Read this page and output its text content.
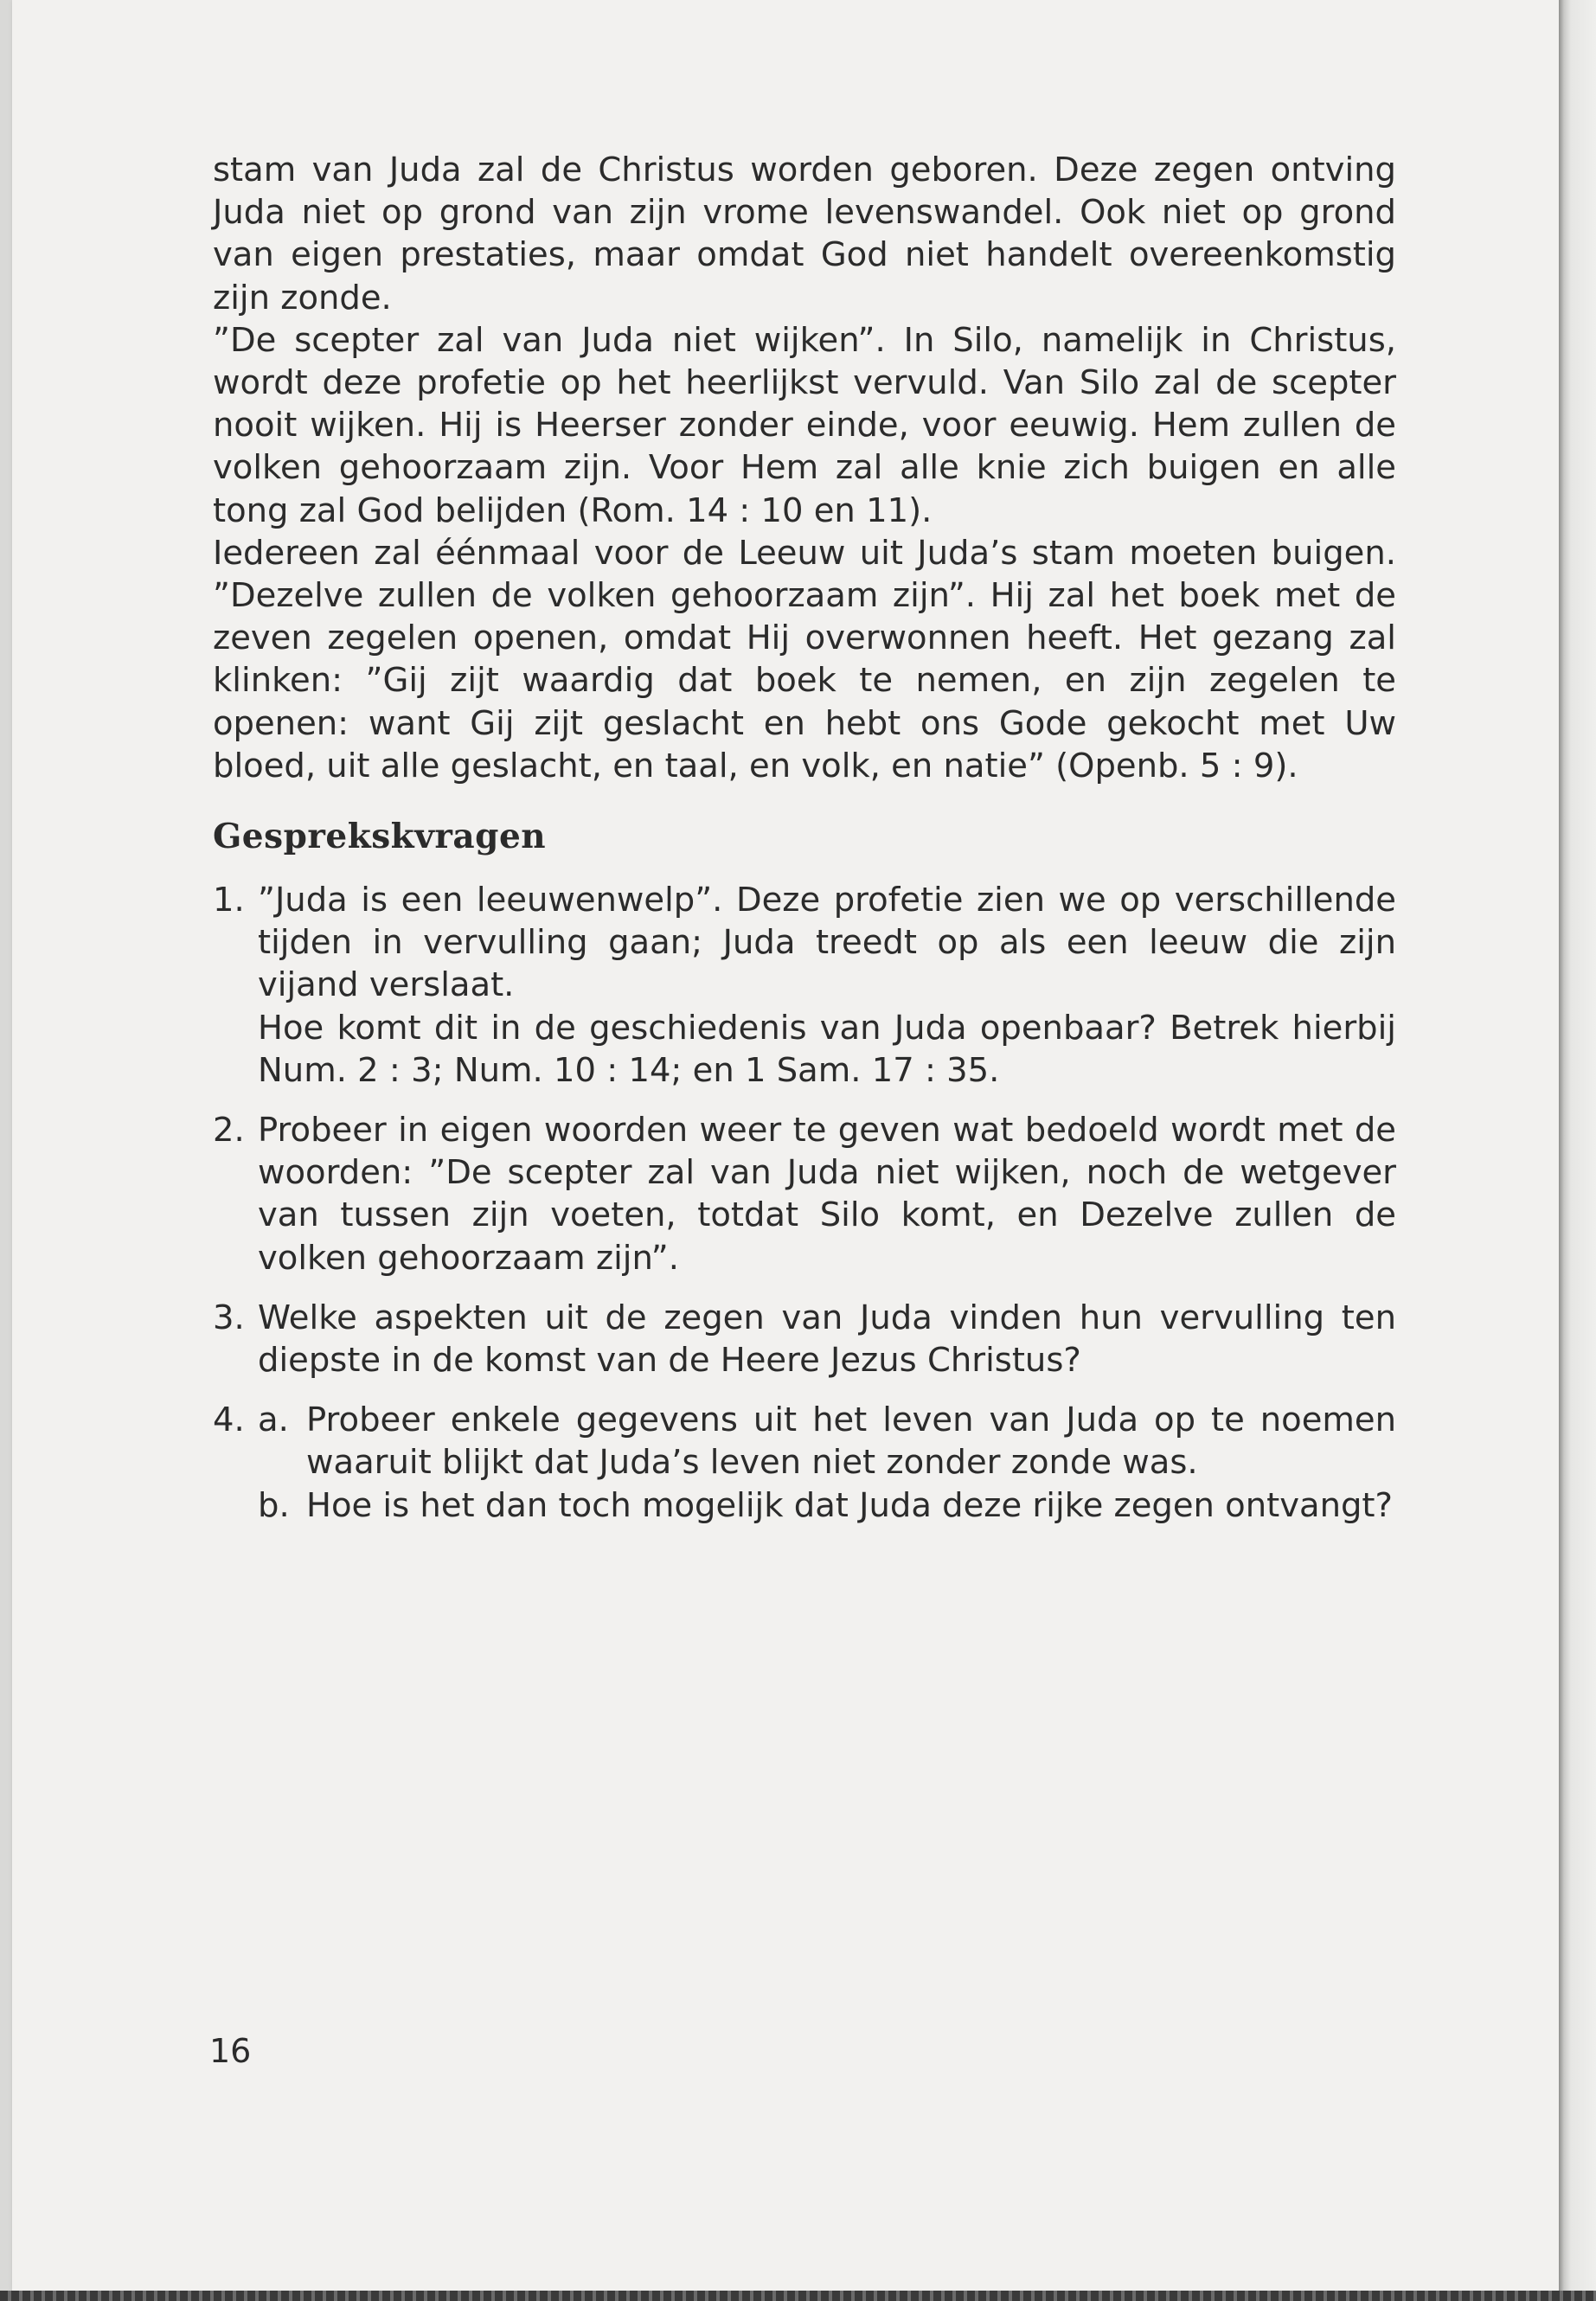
stam van Juda zal de Christus worden geboren. Deze zegen ontving Juda niet op grond van zijn vrome levenswandel. Ook niet op grond van eigen prestaties, maar omdat God niet handelt overeenkomstig zijn zonde.

”De scepter zal van Juda niet wijken”. In Silo, namelijk in Christus, wordt deze profetie op het heerlijkst vervuld. Van Silo zal de scepter nooit wijken. Hij is Heerser zonder einde, voor eeuwig. Hem zullen de volken gehoorzaam zijn. Voor Hem zal alle knie zich buigen en alle tong zal God belijden (Rom. 14 : 10 en 11).

Iedereen zal éénmaal voor de Leeuw uit Juda’s stam moeten buigen. ”Dezelve zullen de volken gehoorzaam zijn”. Hij zal het boek met de zeven zegelen openen, omdat Hij overwonnen heeft. Het gezang zal klinken: ”Gij zijt waardig dat boek te nemen, en zijn zegelen te openen: want Gij zijt geslacht en hebt ons Gode gekocht met Uw bloed, uit alle geslacht, en taal, en volk, en natie” (Openb. 5 : 9).

Gesprekskvragen
1. ”Juda is een leeuwenwelp”. Deze profetie zien we op verschillende tijden in vervulling gaan; Juda treedt op als een leeuw die zijn vijand verslaat.
Hoe komt dit in de geschiedenis van Juda openbaar? Betrek hierbij Num. 2 : 3; Num. 10 : 14; en 1 Sam. 17 : 35.
2. Probeer in eigen woorden weer te geven wat bedoeld wordt met de woorden: ”De scepter zal van Juda niet wijken, noch de wetgever van tussen zijn voeten, totdat Silo komt, en Dezelve zullen de volken gehoorzaam zijn”.
3. Welke aspekten uit de zegen van Juda vinden hun vervulling ten diepste in de komst van de Heere Jezus Christus?
4. a. Probeer enkele gegevens uit het leven van Juda op te noemen waaruit blijkt dat Juda’s leven niet zonder zonde was.
b. Hoe is het dan toch mogelijk dat Juda deze rijke zegen ontvangt?
16
